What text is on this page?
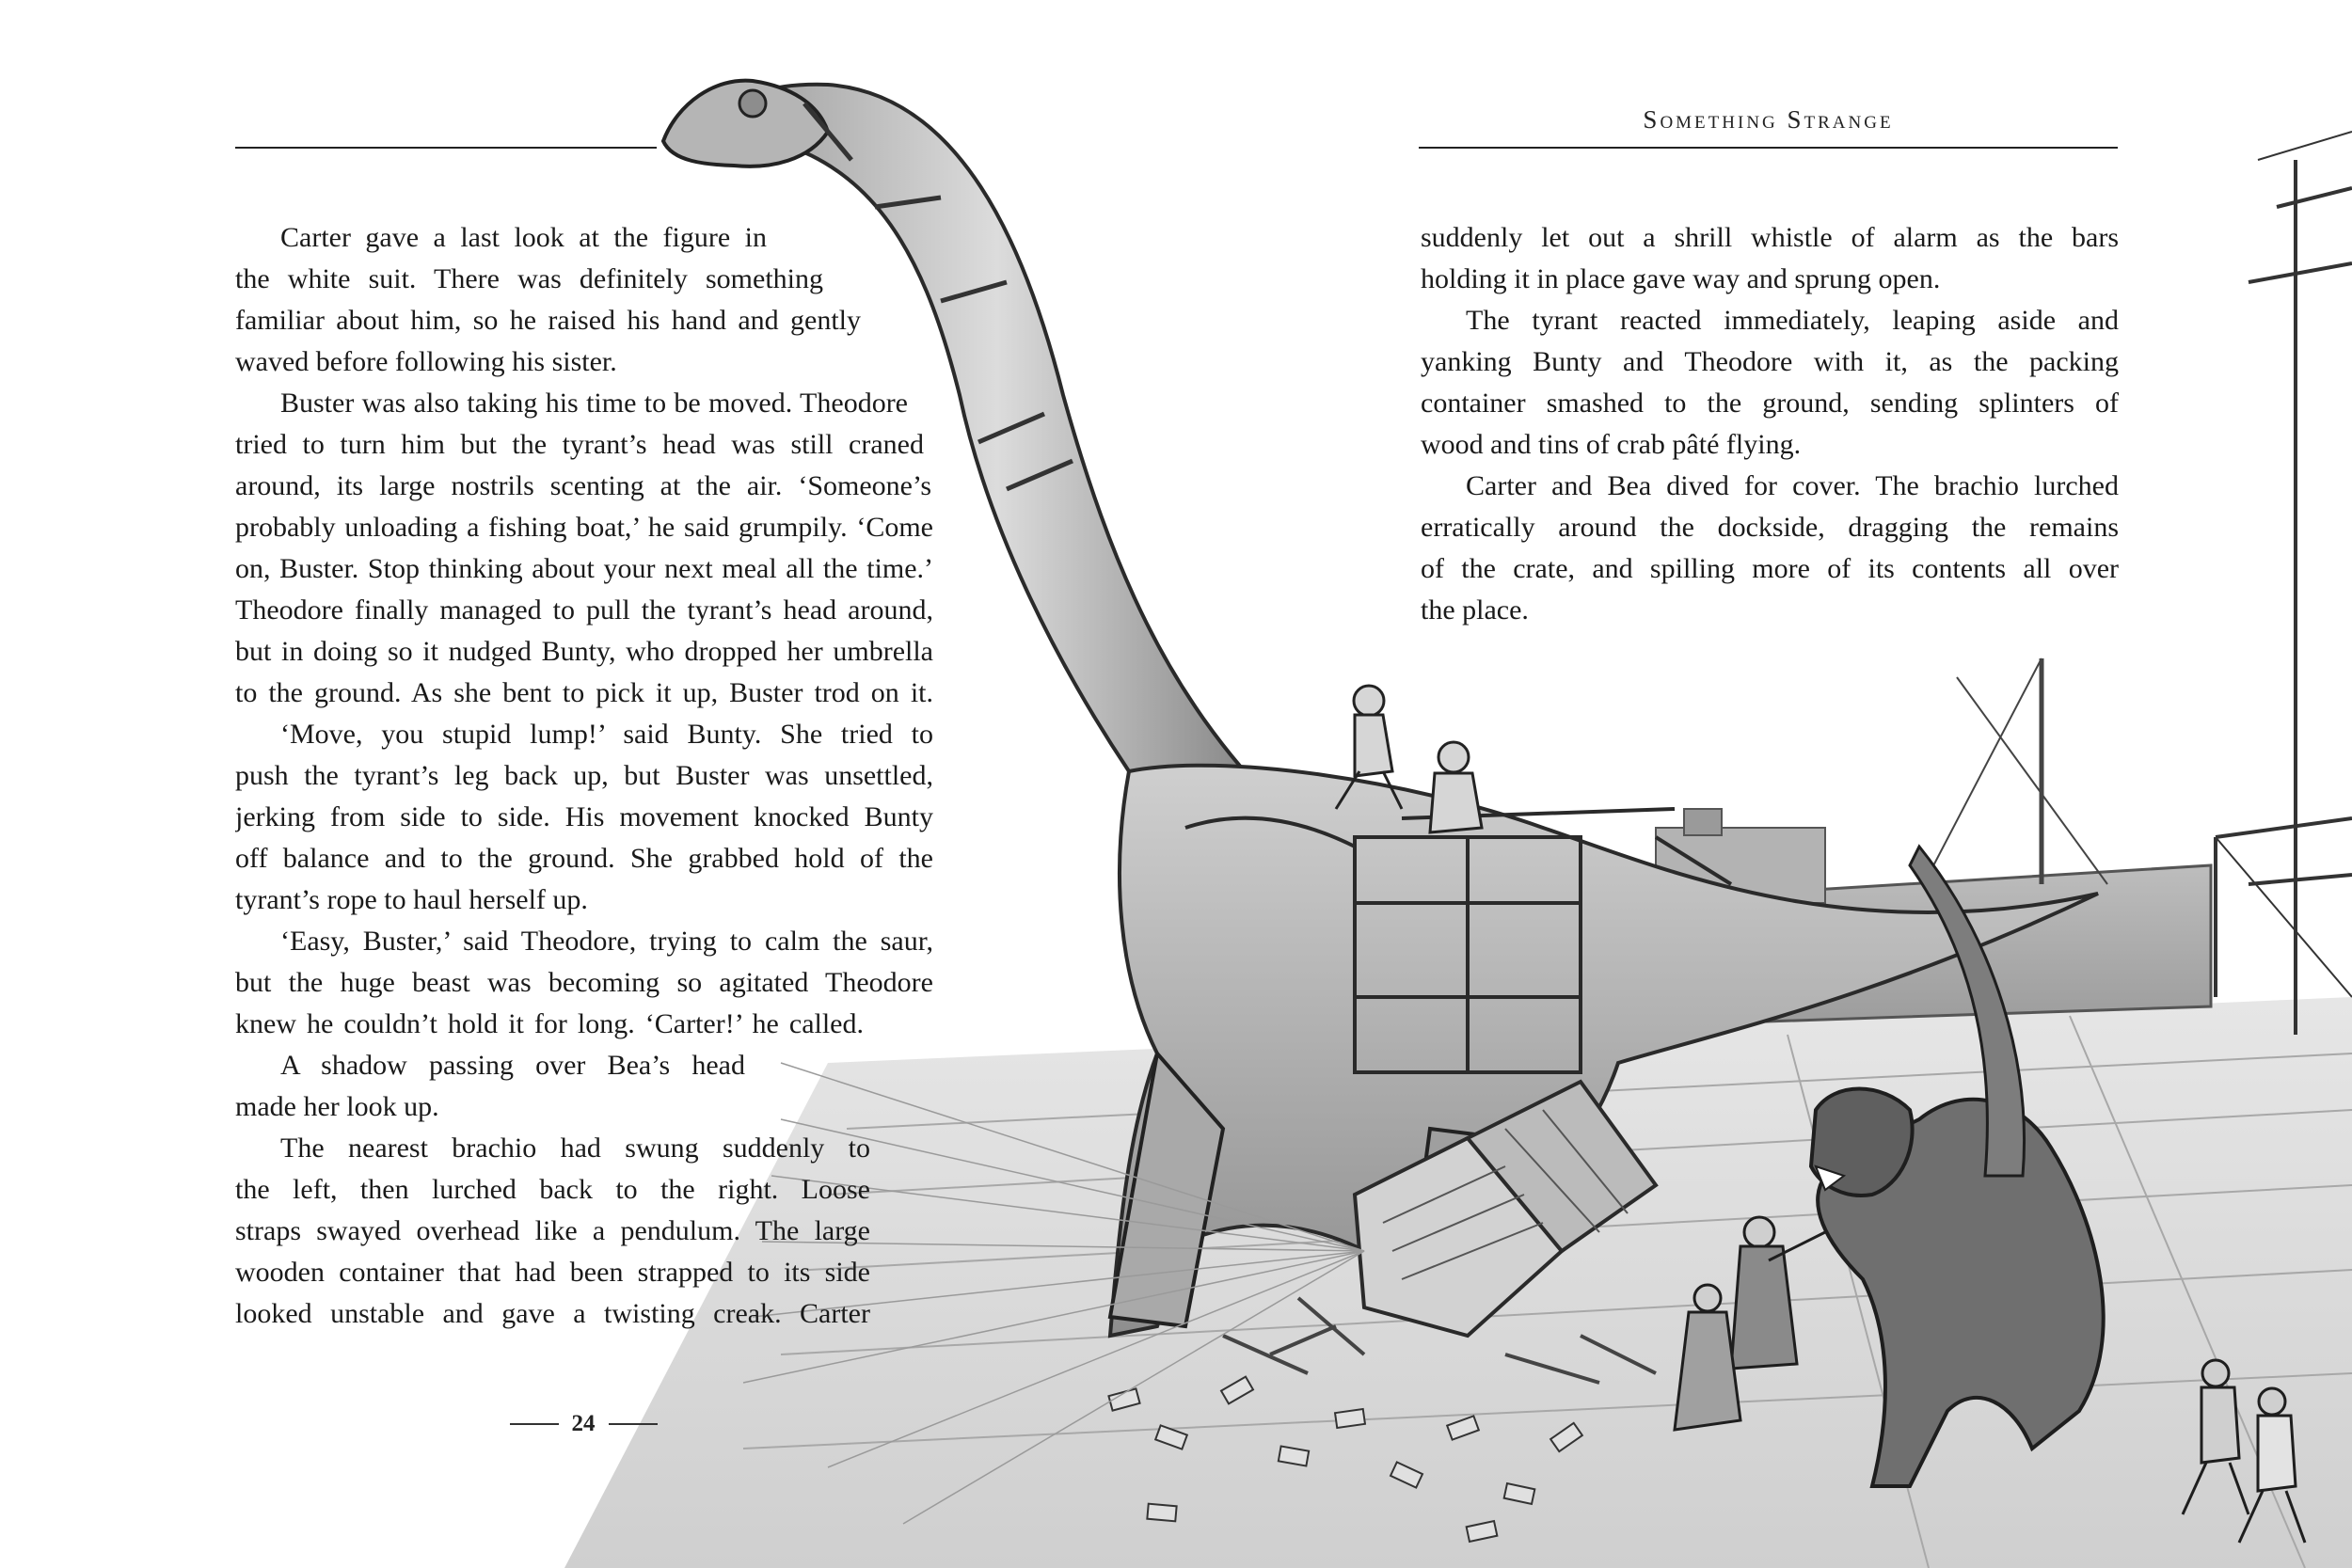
Something Strange
Carter gave a last look at the figure in
the white suit. There was definitely something
familiar about him, so he raised his hand and gently
waved before following his sister.
Buster was also taking his time to be moved. Theodore
tried to turn him but the tyrant’s head was still craned
around, its large nostrils scenting at the air. ‘Someone’s
probably unloading a fishing boat,’ he said grumpily. ‘Come
on, Buster. Stop thinking about your next meal all the time.’
Theodore finally managed to pull the tyrant’s head around,
but in doing so it nudged Bunty, who dropped her umbrella
to the ground. As she bent to pick it up, Buster trod on it.
‘Move, you stupid lump!’ said Bunty. She tried to
push the tyrant’s leg back up, but Buster was unsettled,
jerking from side to side. His movement knocked Bunty
off balance and to the ground. She grabbed hold of the
tyrant’s rope to haul herself up.
‘Easy, Buster,’ said Theodore, trying to calm the saur,
but the huge beast was becoming so agitated Theodore
knew he couldn’t hold it for long. ‘Carter!’ he called.
A shadow passing over Bea’s head
made her look up.
The nearest brachio had swung suddenly to
the left, then lurched back to the right. Loose
straps swayed overhead like a pendulum. The large
wooden container that had been strapped to its side
looked unstable and gave a twisting creak. Carter
suddenly let out a shrill whistle of alarm as the bars
holding it in place gave way and sprung open.
The tyrant reacted immediately, leaping aside and
yanking Bunty and Theodore with it, as the packing
container smashed to the ground, sending splinters of
wood and tins of crab pâté flying.
Carter and Bea dived for cover. The brachio lurched
erratically around the dockside, dragging the remains
of the crate, and spilling more of its contents all over
the place.
24
